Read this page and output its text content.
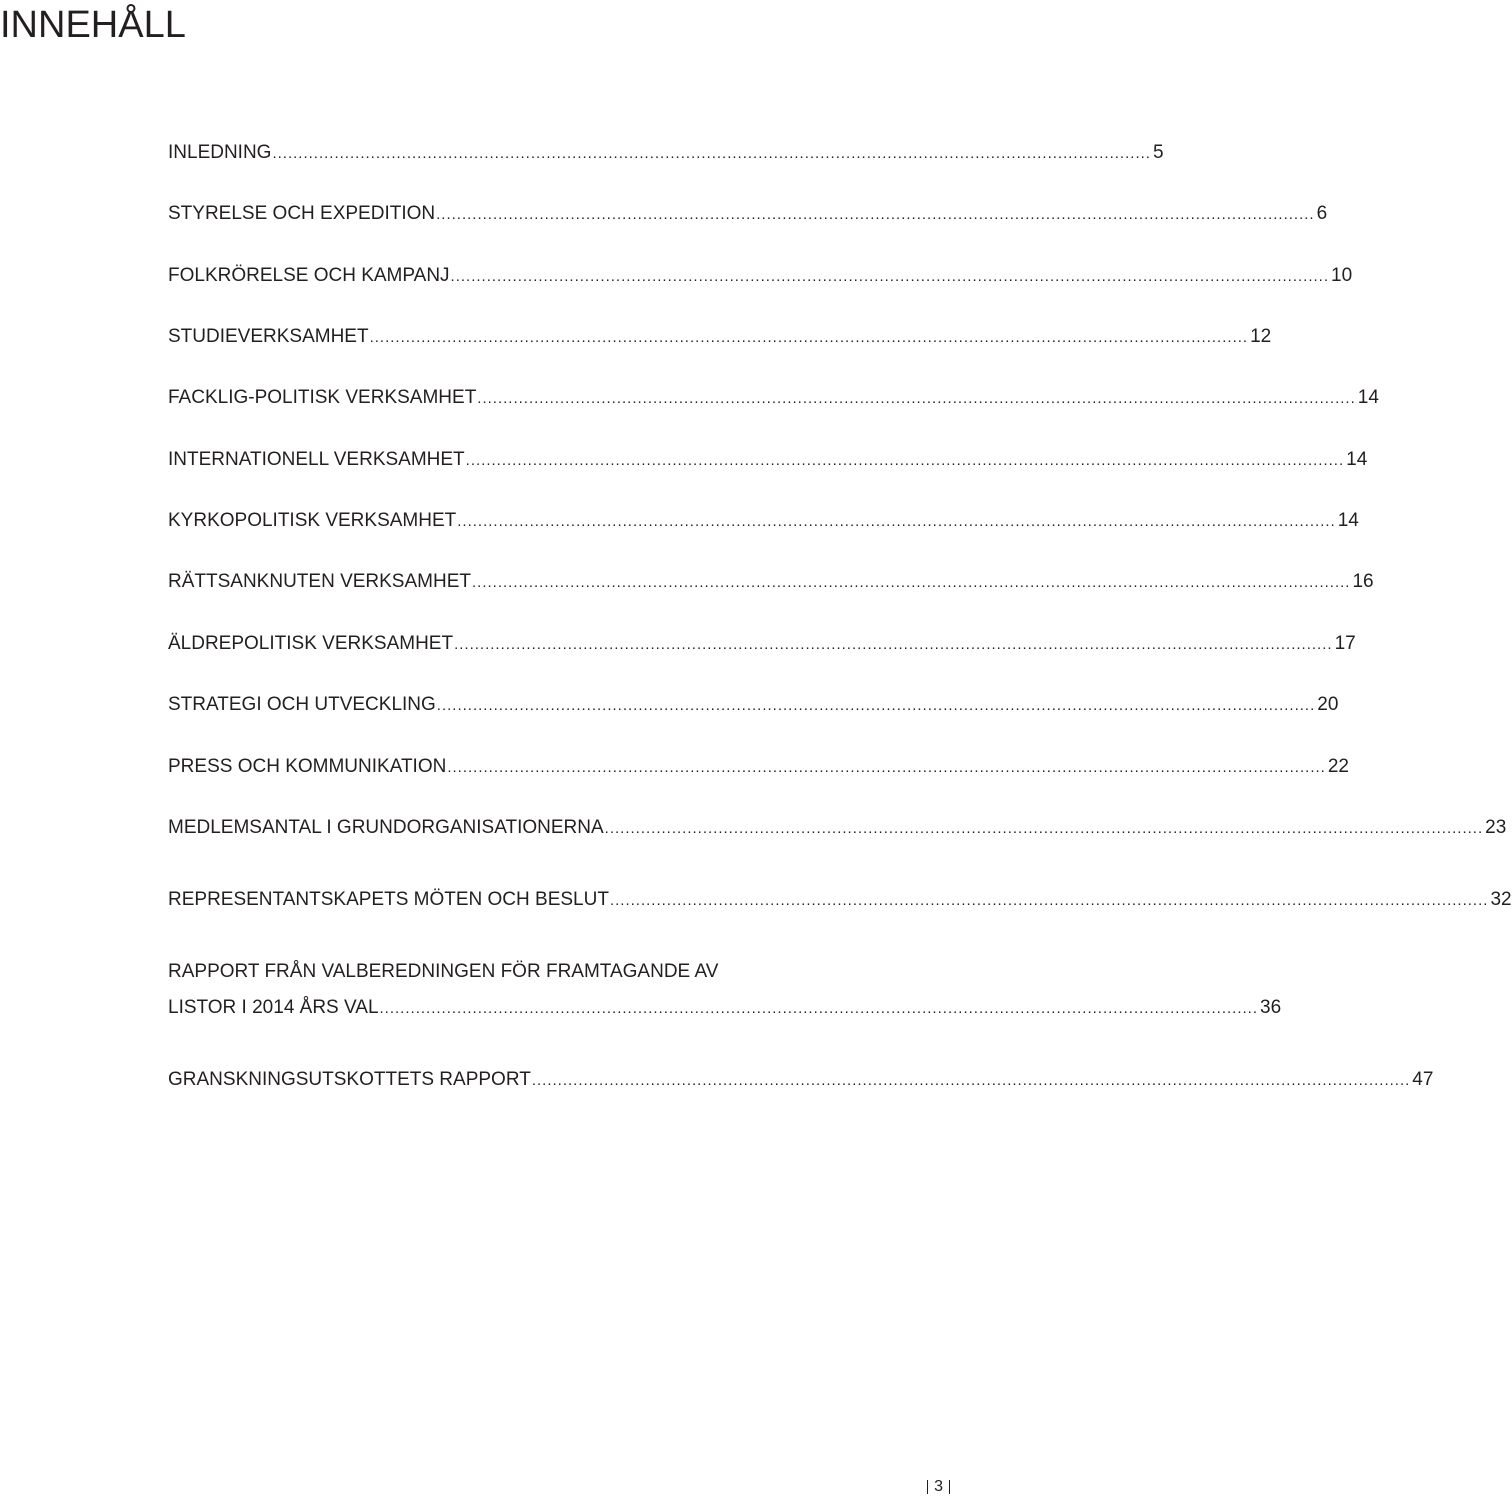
INNEHÅLL
INLEDNING .......................................................................................................................................................................... 5
STYRELSE OCH EXPEDITION .......................................................................................................................................................................... 6
FOLKRÖRELSE OCH KAMPANJ .......................................................................................................................................................................... 10
STUDIEVERKSAMHET .......................................................................................................................................................................... 12
FACKLIG-POLITISK VERKSAMHET .......................................................................................................................................................................... 14
INTERNATIONELL VERKSAMHET .......................................................................................................................................................................... 14
KYRKOPOLITISK VERKSAMHET .......................................................................................................................................................................... 14
RÄTTSANKNUTEN VERKSAMHET .......................................................................................................................................................................... 16
ÄLDREPOLITISK VERKSAMHET .......................................................................................................................................................................... 17
STRATEGI OCH UTVECKLING .......................................................................................................................................................................... 20
PRESS OCH KOMMUNIKATION .......................................................................................................................................................................... 22
MEDLEMSANTAL I GRUNDORGANISATIONERNA .......................................................................................................................................................................... 23
REPRESENTANTSKAPETS MÖTEN OCH BESLUT .......................................................................................................................................................................... 32
RAPPORT FRÅN VALBEREDNINGEN FÖR FRAMTAGANDE AV
LISTOR I 2014 ÅRS VAL .......................................................................................................................................................................... 36
GRANSKNINGSUTSKOTTETS RAPPORT .......................................................................................................................................................................... 47
3
